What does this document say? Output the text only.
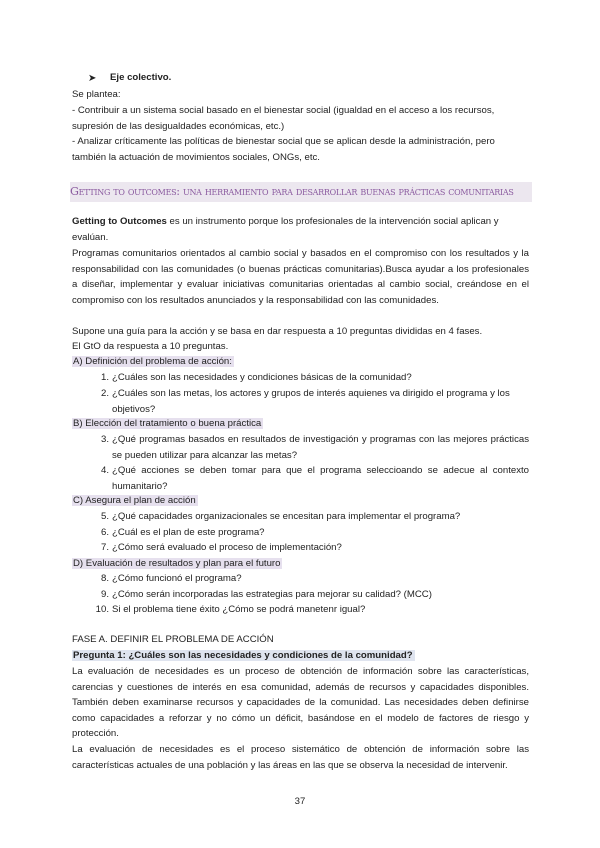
➤ Eje colectivo.
Se plantea:
- Contribuir a un sistema social basado en el bienestar social (igualdad en el acceso a los recursos, supresión de las desigualdades económicas, etc.)
- Analizar críticamente las políticas de bienestar social que se aplican desde la administración, pero también la actuación de movimientos sociales, ONGs, etc.
Getting to outcomes: una herramiento para desarrollar buenas prácticas comunitarias
Getting to Outcomes es un instrumento porque los profesionales de la intervención social aplican y evalúan.
Programas comunitarios orientados al cambio social y basados en el compromiso con los resultados y la responsabilidad con las comunidades (o buenas prácticas comunitarias).Busca ayudar a los profesionales a diseñar, implementar y evaluar iniciativas comunitarias orientadas al cambio social, creándose en el compromiso con los resultados anunciados y la responsabilidad con las comunidades.
Supone una guía para la acción y se basa en dar respuesta a 10 preguntas divididas en 4 fases.
El GtO da respuesta a 10 preguntas.
A) Definición del problema de acción:
1. ¿Cuáles son las necesidades y condiciones básicas de la comunidad?
2. ¿Cuáles son las metas, los actores y grupos de interés aquienes va dirigido el programa y los objetivos?
B) Elección del tratamiento o buena práctica
3. ¿Qué programas basados en resultados de investigación y programas con las mejores prácticas se pueden utilizar para alcanzar las metas?
4. ¿Qué acciones se deben tomar para que el programa seleccioando se adecue al contexto humanitario?
C) Asegura el plan de acción
5. ¿Qué capacidades organizacionales se encesitan para implementar el programa?
6. ¿Cuál es el plan de este programa?
7. ¿Cómo será evaluado el proceso de implementación?
D) Evaluación de resultados y plan para el futuro
8. ¿Cómo funcionó el programa?
9. ¿Cómo serán incorporadas las estrategias para mejorar su calidad? (MCC)
10. Si el problema tiene éxito ¿Cómo se podrá manetenr igual?
FASE A. DEFINIR EL PROBLEMA DE ACCIÓN
Pregunta 1: ¿Cuáles son las necesidades y condiciones de la comunidad?
La evaluación de necesidades es un proceso de obtención de información sobre las características, carencias y cuestiones de interés en esa comunidad, además de recursos y capacidades disponibles. También deben examinarse recursos y capacidades de la comunidad. Las necesidades deben definirse como capacidades a reforzar y no cómo un déficit, basándose en el modelo de factores de riesgo y protección.
La evaluación de necesidades es el proceso sistemático de obtención de información sobre las características actuales de una población y las áreas en las que se observa la necesidad de intervenir.
37
